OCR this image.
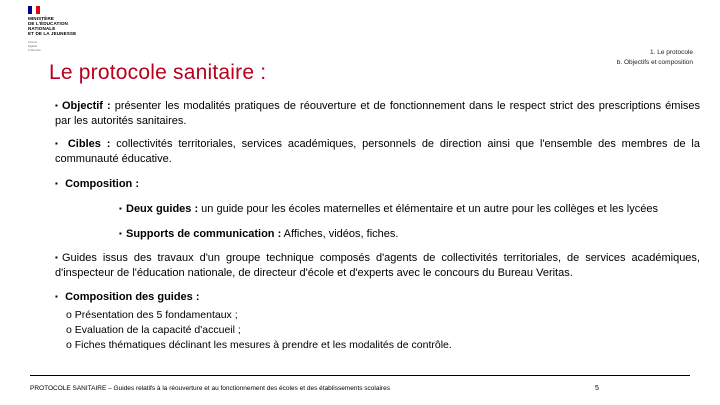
MINISTÈRE
DE L'ÉDUCATION
NATIONALE
ET DE LA JEUNESSE
Liberté
Égalité
Fraternité	1. Le protocole
b. Objectifs et composition
Le protocole sanitaire :
▪ Objectif : présenter les modalités pratiques de réouverture et de fonctionnement dans le respect strict des prescriptions émises par les autorités sanitaires.
▪ Cibles : collectivités territoriales, services académiques, personnels de direction ainsi que l'ensemble des membres de la communauté éducative.
▪ Composition :
▪ Deux guides : un guide pour les écoles maternelles et élémentaire et un autre pour les collèges et les lycées
▪ Supports de communication : Affiches, vidéos, fiches.
▪ Guides issus des travaux d'un groupe technique composés d'agents de collectivités territoriales, de services académiques, d'inspecteur de l'éducation nationale, de directeur d'école et d'experts avec le concours du Bureau Veritas.
▪ Composition des guides :
o Présentation des 5 fondamentaux ;
o Evaluation de la capacité d'accueil ;
o Fiches thématiques déclinant les mesures à prendre et les modalités de contrôle.
PROTOCOLE SANITAIRE – Guides relatifs à la réouverture et au fonctionnement des écoles et des établissements scolaires	5
